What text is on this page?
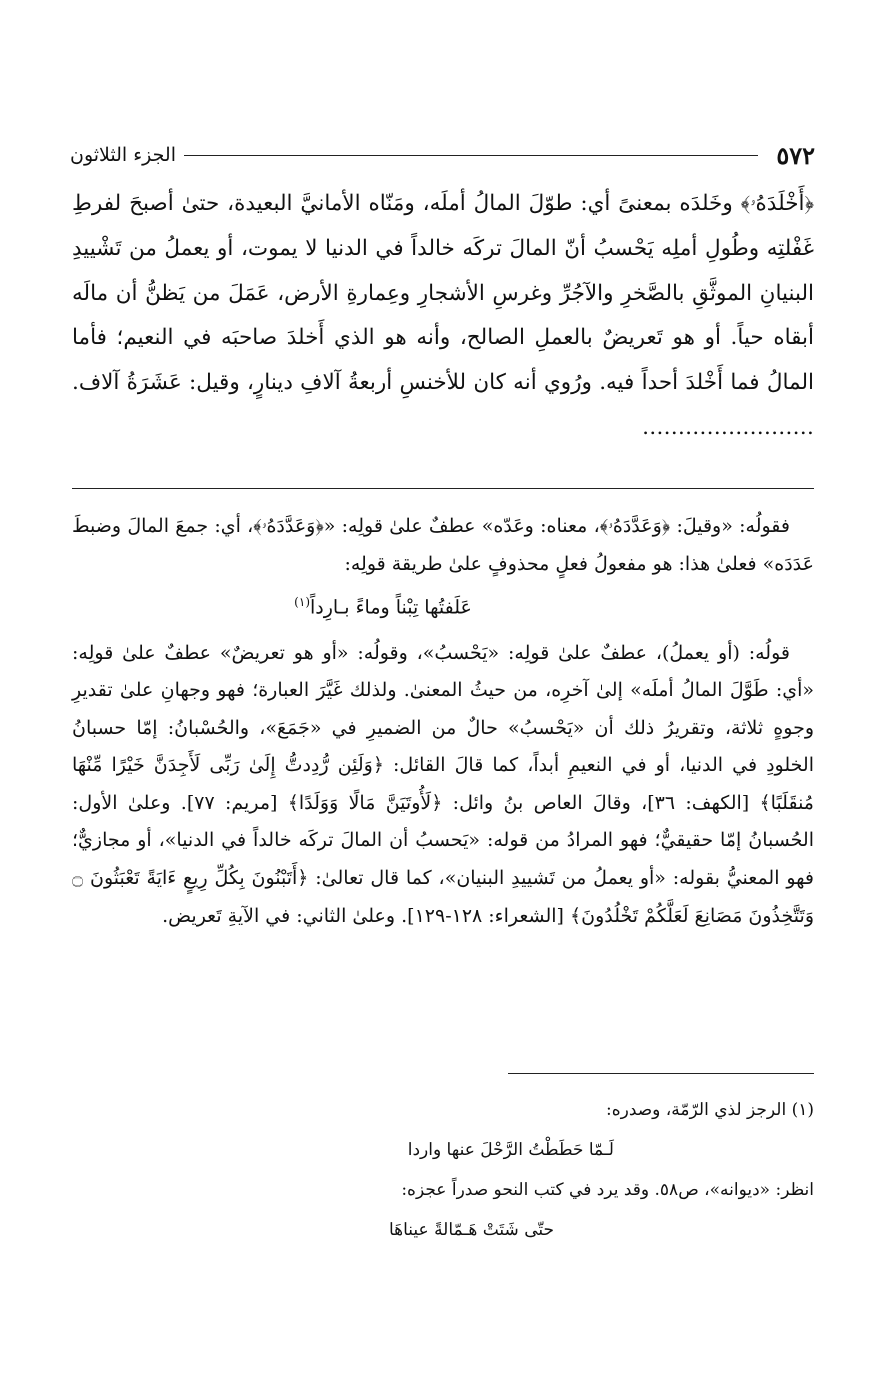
٥٧٢
الجزء الثلاثون

﴿أَخْلَدَهُۥ﴾ وخَلدَه بمعنىً أي: طوّلَ المالُ أملَه، ومَنّاه الأمانيَّ البعيدة، حتىٰ أصبحَ لفرطِ غَفْلتِه وطُولِ أملِه يَحْسبُ أنّ المالَ تركَه خالداً في الدنيا لا يموت، أو يعملُ من تَشْييدِ البنيانِ الموثَّقِ بالصَّخرِ والآجُرِّ وغرسِ الأشجارِ وعِمارةِ الأرض، عَمَلَ من يَظنُّ أن مالَه أبقاه حياً. أو هو تَعريضٌ بالعملِ الصالح، وأنه هو الذي أَخلدَ صاحبَه في النعيم؛ فأما المالُ فما أَخْلدَ أحداً فيه. ورُوي أنه كان للأخنسِ أربعةُ آلافِ دينارٍ، وقيل: عَشَرَةُ آلاف. ……………………

فقولُه: «وقيلَ: ﴿وَعَدَّدَهُۥ﴾، معناه: وعَدّه» عطفٌ علىٰ قولِه: «﴿وَعَدَّدَهُۥ﴾، أي: جمعَ المالَ وضبطَ عَدَدَه» فعلىٰ هذا: هو مفعولُ فعلٍ محذوفٍ علىٰ طريقة قولِه:

عَلَفتُها تِبْناً وماءً بـارِداً$^{(١)}$

قولُه: (أو يعملُ)، عطفٌ علىٰ قولِه: «يَحْسبُ»، وقولُه: «أو هو تعريضٌ» عطفٌ علىٰ قولِه: «أي: طَوَّلَ المالُ أملَه» إلىٰ آخرِه، من حيثُ المعنىٰ. ولذلك غَيَّرَ العبارة؛ فهو وجهانِ علىٰ تقديرِ وجوهٍ ثلاثة، وتقريرُ ذلك أن «يَحْسبُ» حالٌ من الضميرِ في «جَمَعَ»، والحُسْبانُ: إمّا حسبانُ الخلودِ في الدنيا، أو في النعيمِ أبداً، كما قالَ القائل: ﴿وَلَئِن رُّدِدتُّ إِلَىٰ رَبِّى لَأَجِدَنَّ خَيْرًا مِّنْهَا مُنقَلَبًا﴾ [الكهف: ٣٦]، وقالَ العاص بنُ وائل: ﴿لَأُوتَيَنَّ مَالًا وَوَلَدًا﴾ [مريم: ٧٧]. وعلىٰ الأول: الحُسبانُ إمّا حقيقيٌّ؛ فهو المرادُ من قوله: «يَحسبُ أن المالَ تركَه خالداً في الدنيا»، أو مجازيٌّ؛ فهو المعنيُّ بقوله: «أو يعملُ من تَشييدِ البنيان»، كما قال تعالىٰ: ﴿أَتَبْنُونَ بِكُلِّ رِيعٍ ءَايَةً تَعْبَثُونَ ۝ وَتَتَّخِذُونَ مَصَانِعَ لَعَلَّكُمْ تَخْلُدُونَ﴾ [الشعراء: ١٢٨-١٢٩]. وعلىٰ الثاني: في الآيةِ تَعريض.

(١) الرجز لذي الرّمّة، وصدره:

لَـمّا حَطَطْتُ الرَّحْلَ عنها واردا

انظر: «ديوانه»، ص٥٨. وقد يرد في كتب النحو صدراً عجزه:

حتّى شَتَتْ هَـمّالةً عيناهَا
